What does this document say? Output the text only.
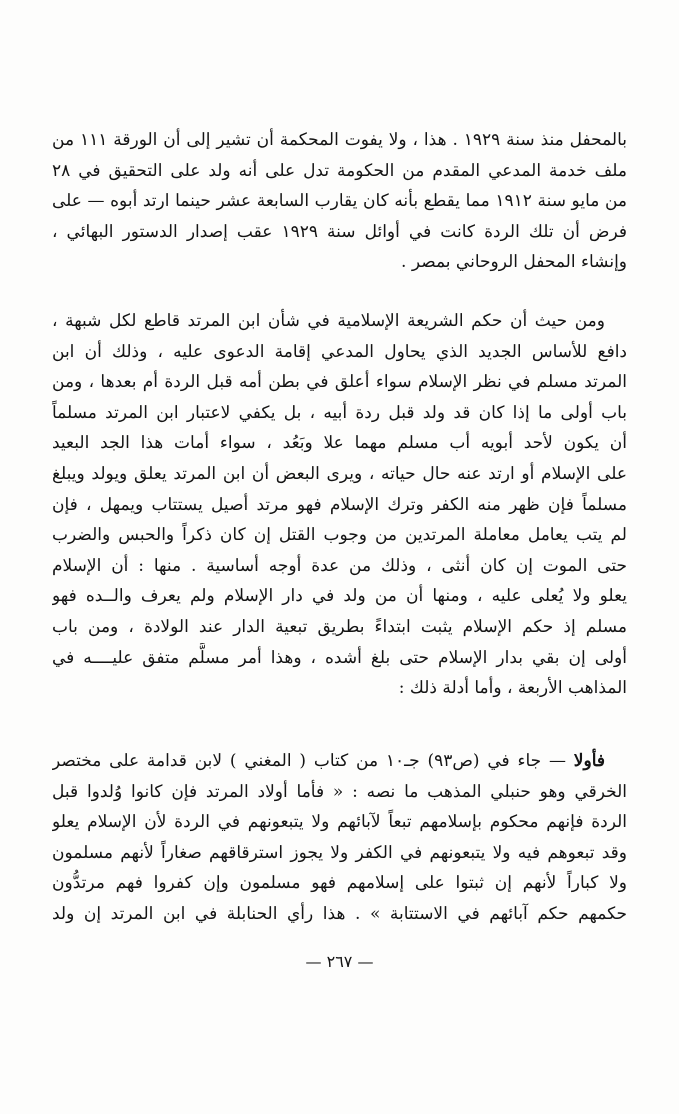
بالمحفل منذ سنة ١٩٢٩ . هذا ، ولا يفوت المحكمة أن تشير إلى أن الورقة ١١١ من
ملف خدمة المدعي المقدم من الحكومة تدل على أنه ولد على التحقيق في ٢٨
من مايو سنة ١٩١٢ مما يقطع بأنه كان يقارب السابعة عشر حينما ارتد أبوه — على
فرض أن تلك الردة كانت في أوائل سنة ١٩٢٩ عقب إصدار الدستور البهائي ،
وإنشاء المحفل الروحاني بمصر .
ومن حيث أن حكم الشريعة الإسلامية في شأن ابن المرتد قاطع لكل شبهة ،
دافع للأساس الجديد الذي يحاول المدعي إقامة الدعوى عليه ، وذلك أن ابن
المرتد مسلم في نظر الإسلام سواء أعلق في بطن أمه قبل الردة أم بعدها ، ومن
باب أولى ما إذا كان قد ولد قبل ردة أبيه ، بل يكفي لاعتبار ابن المرتد مسلماً
أن يكون لأحد أبويه أب مسلم مهما علا وبَعُد ، سواء أمات هذا الجد البعيد
على الإسلام أو ارتد عنه حال حياته ، ويرى البعض أن ابن المرتد يعلق ويولد ويبلغ
مسلماً فإن ظهر منه الكفر وترك الإسلام فهو مرتد أصيل يستتاب ويمهل ، فإن
لم يتب يعامل معاملة المرتدين من وجوب القتل إن كان ذكراً والحبس والضرب
حتى الموت إن كان أنثى ، وذلك من عدة أوجه أساسية . منها : أن الإسلام
يعلو ولا يُعلى عليه ، ومنها أن من ولد في دار الإسلام ولم يعرف والــده فهو
مسلم إذ حكم الإسلام يثبت ابتداءً بطريق تبعية الدار عند الولادة ، ومن باب
أولى إن بقي بدار الإسلام حتى بلغ أشده ، وهذا أمر مسلَّم متفق عليــــه في
المذاهب الأربعة ، وأما أدلة ذلك :
فأولا — جاء في (ص٩٣) جـ١٠ من كتاب ( المغني ) لابن قدامة على مختصر
الخرقي وهو حنبلي المذهب ما نصه : « فأما أولاد المرتد فإن كانوا وُلدوا قبل
الردة فإنهم محكوم بإسلامهم تبعاً لآبائهم ولا يتبعونهم في الردة لأن الإسلام يعلو
وقد تبعوهم فيه ولا يتبعونهم في الكفر ولا يجوز استرقاقهم صغاراً لأنهم مسلمون
ولا كباراً لأنهم إن ثبتوا على إسلامهم فهو مسلمون وإن كفروا فهم مرتدُّون
حكمهم حكم آبائهم في الاستتابة » . هذا رأي الحنابلة في ابن المرتد إن ولد
— ٢٦٧ —
